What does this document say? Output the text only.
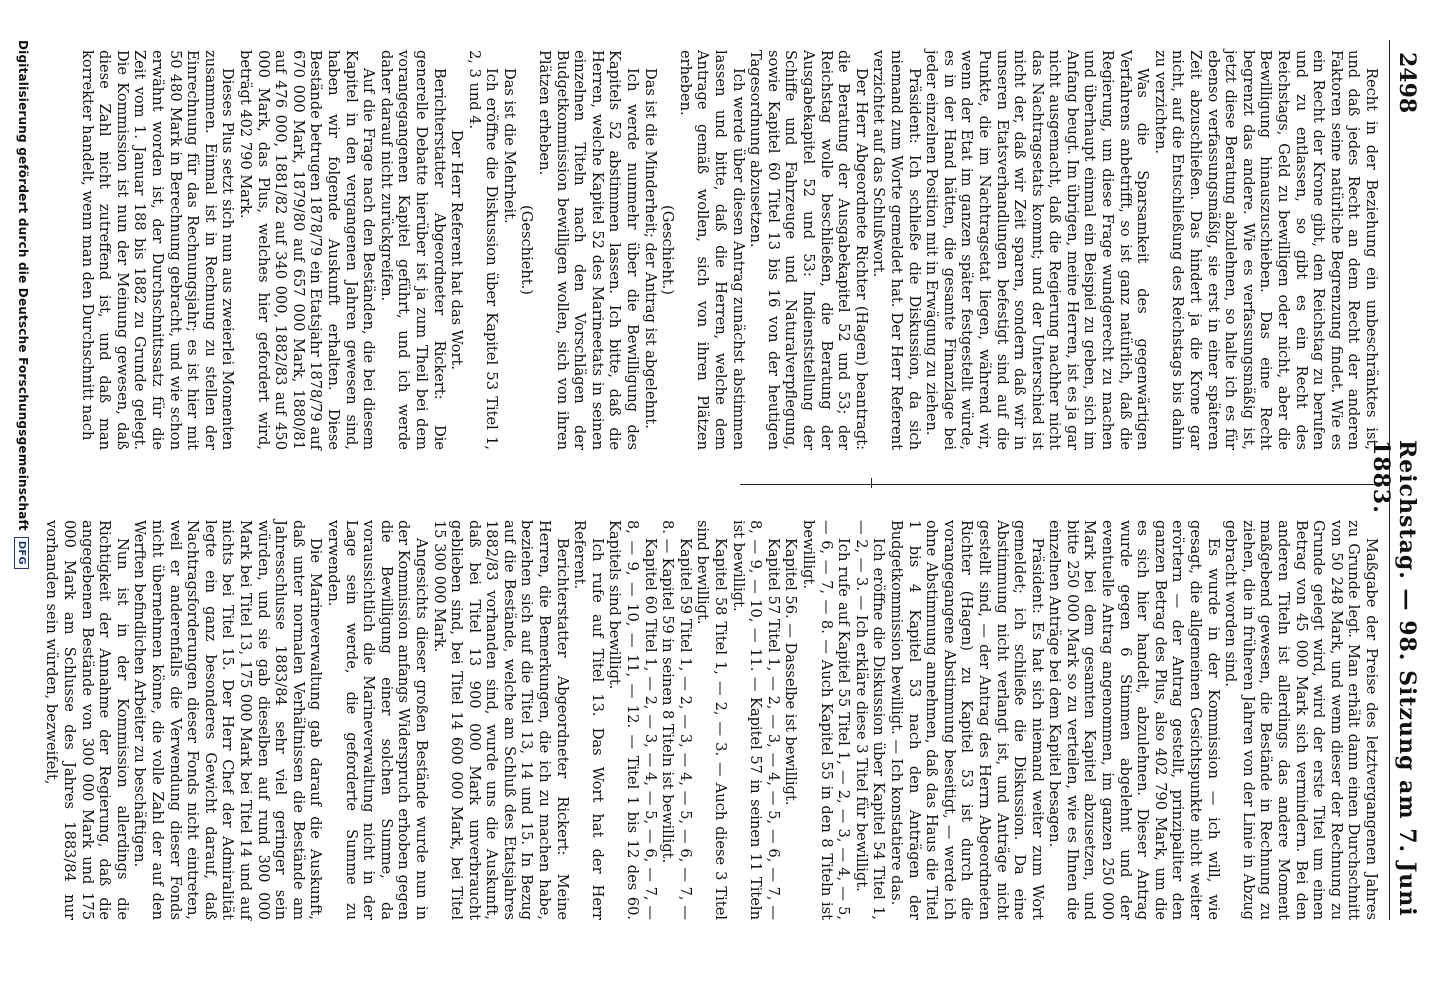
2498
Reichstag. — 98. Sitzung am 7. Juni 1883.

Recht in der Beziehung ein unbeschränktes ist, und daß jedes Recht an dem Recht der anderen Faktoren seine natürliche Begrenzung findet. Wie es ein Recht der Krone gibt, den Reichstag zu berufen und zu entlassen, so gibt es ein Recht des Reichstags, Geld zu bewilligen oder nicht, aber die Bewilligung hinauszuschieben. Das eine Recht begrenzt das andere. Wie es verfassungsmäßig ist, jetzt diese Beratung abzulehnen, so halte ich es für ebenso verfassungsmäßig, sie erst in einer späteren Zeit abzuschließen. Das hindert ja die Krone gar nicht, auf die Entschließung des Reichstags bis dahin zu verzichten.

Was die Sparsamkeit des gegenwärtigen Verfahrens anbetrifft, so ist ganz natürlich, daß die Regierung, um diese Frage wundgerecht zu machen und überhaupt einmal ein Beispiel zu geben, sich im Anfang beugt. Im übrigen, meine Herren, ist es ja gar nicht ausgemacht, daß die Regierung nachher nicht das Nachtragsetats kommt; und der Unterschied ist nicht der, daß wir Zeit sparen, sondern daß wir in unseren Etatsverhandlungen befestigt sind auf die Punkte, die im Nachtragsetat liegen, während wir, wenn der Etat im ganzen später festgestellt würde, es in der Hand hätten, die gesamte Finanzlage bei jeder einzelnen Position mit in Erwägung zu ziehen.

Präsident: Ich schließe die Diskussion, da sich niemand zum Worte gemeldet hat. Der Herr Referent verzichtet auf das Schlußwort.

Der Herr Abgeordnete Richter (Hagen) beantragt: die Beratung der Ausgabekapitel 52 und 53; der Reichstag wolle beschließen, die Beratung der Ausgabekapitel 52 und 53: Indienststellung der Schiffe und Fahrzeuge und Naturalverpflegung, sowie Kapitel 60 Titel 13 bis 16 von der heutigen Tagesordnung abzusetzen.

Ich werde über diesen Antrag zunächst abstimmen lassen und bitte, daß die Herren, welche dem Antrage gemäß wollen, sich von ihren Plätzen erheben.

(Geschieht.)

Das ist die Minderheit; der Antrag ist abgelehnt.

Ich werde nunmehr über die Bewilligung des Kapitels 52 abstimmen lassen. Ich bitte, daß die Herren, welche Kapitel 52 des Marineetats in seinen einzelnen Titeln nach den Vorschlägen der Budgetkommission bewilligen wollen, sich von ihren Plätzen erheben.

(Geschieht.)

Das ist die Mehrheit.

Ich eröffne die Diskussion über Kapitel 53 Titel 1, 2, 3 und 4.

Der Herr Referent hat das Wort.

Berichterstatter Abgeordneter Rickert: Die generelle Debatte hierüber ist ja zum Theil bei dem vorangegangenen Kapitel geführt, und ich werde daher darauf nicht zurückgreifen.

Auf die Frage nach den Beständen, die bei diesem Kapitel in den vergangenen Jahren gewesen sind, haben wir folgende Auskunft erhalten. Diese Bestände betrugen 1878/79 ein Etatsjahr 1878/79 auf 670 000 Mark, 1879/80 auf 657 000 Mark, 1880/81 auf 476 000, 1881/82 auf 340 000, 1882/83 auf 450 000 Mark, das Plus, welches hier gefordert wird, beträgt 402 790 Mark.

Dieses Plus setzt sich nun aus zweierlei Momenten zusammen. Einmal ist in Rechnung zu stellen der Einrechnung für das Rechnungsjahr; es ist hier mit 50 480 Mark in Berechnung gebracht, und wie schon erwähnt worden ist, der Durchschnittssatz für die Zeit vom 1. Januar 188 bis 1882 zu Grunde gelegt. Die Kommission ist nun der Meinung gewesen, daß diese Zahl nicht zutreffend ist, und daß man korrekter handelt, wenn man den Durchschnitt nach

Maßgabe der Preise des letztvergangenen Jahres zu Grunde legt. Man erhält dann einen Durchschnitt von 50 248 Mark, und wenn dieser der Rechnung zu Grunde gelegt wird, wird der erste Titel um einen Betrag von 45 000 Mark sich vermindern. Bei den anderen Titeln ist allerdings das andere Moment maßgebend gewesen, die Bestände in Rechnung zu ziehen, die in früheren Jahren von der Linie in Abzug gebracht worden sind.

Es wurde in der Kommission — ich will, wie gesagt, die allgemeinen Gesichtspunkte nicht weiter erörtern — der Antrag gestellt, prinzipaliter den ganzen Betrag des Plus, also 402 790 Mark, um die es sich hier handelt, abzulehnen. Dieser Antrag wurde gegen 6 Stimmen abgelehnt und der eventuelle Antrag angenommen, im ganzen 250 000 Mark bei dem gesamten Kapitel abzusetzen, und bitte 250 000 Mark so zu verteilen, wie es Ihnen die einzelnen Anträge bei dem Kapitel besagen.

Präsident: Es hat sich niemand weiter zum Wort gemeldet; ich schließe die Diskussion. Da eine Abstimmung nicht verlangt ist, und Anträge nicht gestellt sind, — der Antrag des Herrn Abgeordneten Richter (Hagen) zu Kapitel 53 ist durch die vorangegangene Abstimmung beseitigt, — werde ich ohne Abstimmung annehmen, daß das Haus die Titel 1 bis 4 Kapitel 53 nach den Anträgen der Budgetkommission bewilligt. — Ich konstatiere das.

Ich eröffne die Diskussion über Kapitel 54 Titel 1, — 2, — 3. — Ich erkläre diese 3 Titel für bewilligt.

Ich rufe auf Kapitel 55 Titel 1, — 2, — 3, — 4, — 5, — 6, — 7, — 8. — Auch Kapitel 55 in den 8 Titeln ist bewilligt.

Kapitel 56. — Dasselbe ist bewilligt.

Kapitel 57 Titel 1, — 2, — 3, — 4, — 5, — 6, — 7, — 8, — 9, — 10, — 11. — Kapitel 57 in seinen 11 Titeln ist bewilligt.

Kapitel 58 Titel 1, — 2, — 3. — Auch diese 3 Titel sind bewilligt.

Kapitel 59 Titel 1, — 2, — 3, — 4, — 5, — 6, — 7, — 8. — Kapitel 59 in seinen 8 Titeln ist bewilligt.

Kapitel 60 Titel 1, — 2, — 3, — 4, — 5, — 6, — 7, — 8, — 9, — 10, — 11, — 12. — Titel 1 bis 12 des 60. Kapitels sind bewilligt.

Ich rufe auf Titel 13. Das Wort hat der Herr Referent.

Berichterstatter Abgeordneter Rickert: Meine Herren, die Bemerkungen, die ich zu machen habe, beziehen sich auf die Titel 13, 14 und 15. In Bezug auf die Bestände, welche am Schluß des Etatsjahres 1882/83 vorhanden sind, wurde uns die Auskunft, daß bei Titel 13 900 000 Mark unverbraucht geblieben sind, bei Titel 14 600 000 Mark, bei Titel 15 300 000 Mark.

Angesichts dieser großen Bestände wurde nun in der Kommission anfangs Widerspruch erhoben gegen die Bewilligung einer solchen Summe, da voraussichtlich die Marineverwaltung nicht in der Lage sein werde, die geforderte Summe zu verwenden.

Die Marineverwaltung gab darauf die Auskunft, daß unter normalen Verhältnissen die Bestände am Jahresschlusse 1883/84 sehr viel geringer sein würden, und sie gab dieselben auf rund 300 000 Mark bei Titel 13, 175 000 Mark bei Titel 14 und auf nichts bei Titel 15. Der Herr Chef der Admiralität legte ein ganz besonderes Gewicht darauf, daß Nachtragsforderungen dieser Fonds nicht eintreten, weil er anderenfalls die Verwendung dieser Fonds nicht übernehmen könne, die volle Zahl der auf den Werften befindlichen Arbeiter zu beschäftigen.

Nun ist in der Kommission allerdings die Richtigkeit der Annahme der Regierung, daß die angegebenen Bestände von 300 000 Mark und 175 000 Mark am Schlusse des Jahres 1883/84 nur vorhanden sein würden, bezweifelt,

Digitalisierung gefördert durch die Deutsche ForschungsgemeinschaftDFG
